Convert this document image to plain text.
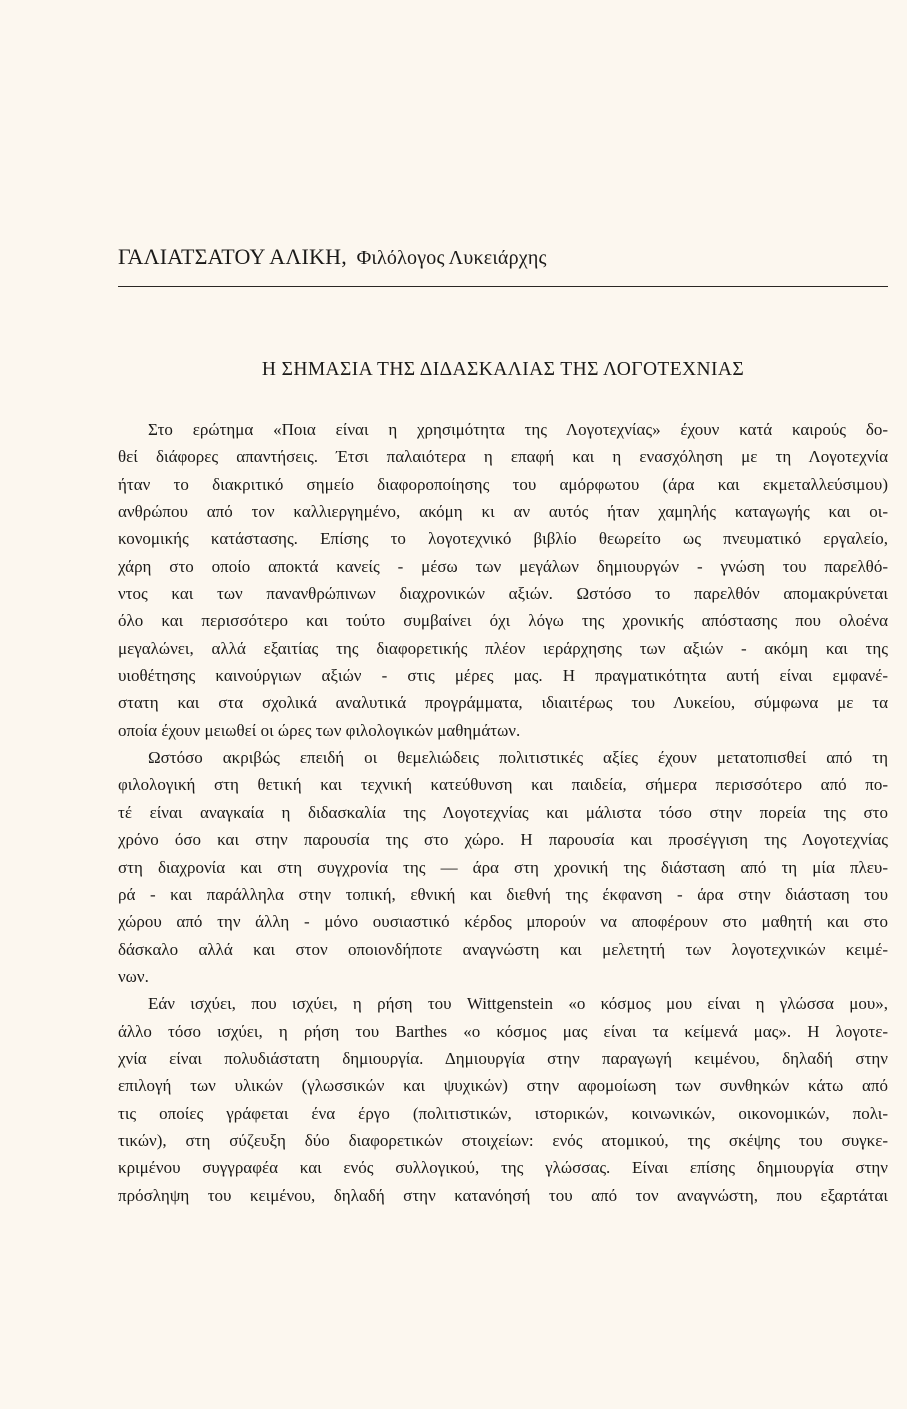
ΓΑΛΙΑΤΣΑΤΟΥ ΑΛΙΚΗ, Φιλόλογος Λυκειάρχης
Η ΣΗΜΑΣΙΑ ΤΗΣ ΔΙΔΑΣΚΑΛΙΑΣ ΤΗΣ ΛΟΓΟΤΕΧΝΙΑΣ
Στο ερώτημα «Ποια είναι η χρησιμότητα της Λογοτεχνίας» έχουν κατά καιρούς δο-
θεί διάφορες απαντήσεις. Έτσι παλαιότερα η επαφή και η ενασχόληση με τη Λογοτεχνία
ήταν το διακριτικό σημείο διαφοροποίησης του αμόρφωτου (άρα και εκμεταλλεύσιμου)
ανθρώπου από τον καλλιεργημένο, ακόμη κι αν αυτός ήταν χαμηλής καταγωγής και οι-
κονομικής κατάστασης. Επίσης το λογοτεχνικό βιβλίο θεωρείτο ως πνευματικό εργαλείο,
χάρη στο οποίο αποκτά κανείς - μέσω των μεγάλων δημιουργών - γνώση του παρελθό-
ντος και των πανανθρώπινων διαχρονικών αξιών. Ωστόσο το παρελθόν απομακρύνεται
όλο και περισσότερο και τούτο συμβαίνει όχι λόγω της χρονικής απόστασης που ολοένα
μεγαλώνει, αλλά εξαιτίας της διαφορετικής πλέον ιεράρχησης των αξιών - ακόμη και της
υιοθέτησης καινούργιων αξιών - στις μέρες μας. Η πραγματικότητα αυτή είναι εμφανέ-
στατη και στα σχολικά αναλυτικά προγράμματα, ιδιαιτέρως του Λυκείου, σύμφωνα με τα
οποία έχουν μειωθεί οι ώρες των φιλολογικών μαθημάτων.
Ωστόσο ακριβώς επειδή οι θεμελιώδεις πολιτιστικές αξίες έχουν μετατοπισθεί από τη
φιλολογική στη θετική και τεχνική κατεύθυνση και παιδεία, σήμερα περισσότερο από πο-
τέ είναι αναγκαία η διδασκαλία της Λογοτεχνίας και μάλιστα τόσο στην πορεία της στο
χρόνο όσο και στην παρουσία της στο χώρο. Η παρουσία και προσέγγιση της Λογοτεχνίας
στη διαχρονία και στη συγχρονία της — άρα στη χρονική της διάσταση από τη μία πλευ-
ρά - και παράλληλα στην τοπική, εθνική και διεθνή της έκφανση - άρα στην διάσταση του
χώρου από την άλλη - μόνο ουσιαστικό κέρδος μπορούν να αποφέρουν στο μαθητή και στο
δάσκαλο αλλά και στον οποιονδήποτε αναγνώστη και μελετητή των λογοτεχνικών κειμέ-
νων.
Εάν ισχύει, που ισχύει, η ρήση του Wittgenstein «ο κόσμος μου είναι η γλώσσα μου»,
άλλο τόσο ισχύει, η ρήση του Barthes «ο κόσμος μας είναι τα κείμενά μας». Η λογοτε-
χνία είναι πολυδιάστατη δημιουργία. Δημιουργία στην παραγωγή κειμένου, δηλαδή στην
επιλογή των υλικών (γλωσσικών και ψυχικών) στην αφομοίωση των συνθηκών κάτω από
τις οποίες γράφεται ένα έργο (πολιτιστικών, ιστορικών, κοινωνικών, οικονομικών, πολι-
τικών), στη σύζευξη δύο διαφορετικών στοιχείων: ενός ατομικού, της σκέψης του συγκε-
κριμένου συγγραφέα και ενός συλλογικού, της γλώσσας. Είναι επίσης δημιουργία στην
πρόσληψη του κειμένου, δηλαδή στην κατανόησή του από τον αναγνώστη, που εξαρτάται
